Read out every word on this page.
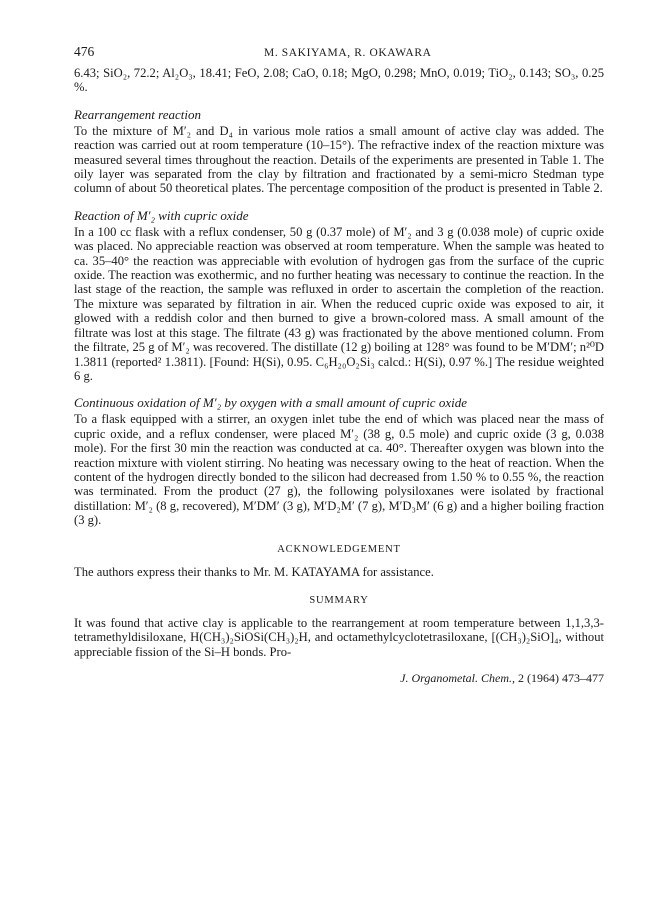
476	M. SAKIYAMA, R. OKAWARA

6.43; SiO₂, 72.2; Al₂O₃, 18.41; FeO, 2.08; CaO, 0.18; MgO, 0.298; MnO, 0.019; TiO₂, 0.143; SO₃, 0.25 %.

Rearrangement reaction

To the mixture of M′₂ and D₄ in various mole ratios a small amount of active clay was added. The reaction was carried out at room temperature (10–15°). The refractive index of the reaction mixture was measured several times throughout the reaction. Details of the experiments are presented in Table 1. The oily layer was separated from the clay by filtration and fractionated by a semi-micro Stedman type column of about 50 theoretical plates. The percentage composition of the product is presented in Table 2.

Reaction of M′₂ with cupric oxide

In a 100 cc flask with a reflux condenser, 50 g (0.37 mole) of M′₂ and 3 g (0.038 mole) of cupric oxide was placed. No appreciable reaction was observed at room temperature. When the sample was heated to ca. 35–40° the reaction was appreciable with evolution of hydrogen gas from the surface of the cupric oxide. The reaction was exothermic, and no further heating was necessary to continue the reaction. In the last stage of the reaction, the sample was refluxed in order to ascertain the completion of the reaction. The mixture was separated by filtration in air. When the reduced cupric oxide was exposed to air, it glowed with a reddish color and then burned to give a brown-colored mass. A small amount of the filtrate was lost at this stage. The filtrate (43 g) was fractionated by the above mentioned column. From the filtrate, 25 g of M′₂ was recovered. The distillate (12 g) boiling at 128° was found to be M′DM′; n²⁰D 1.3811 (reported² 1.3811). [Found: H(Si), 0.95. C₆H₂₀O₂Si₃ calcd.: H(Si), 0.97 %.] The residue weighted 6 g.

Continuous oxidation of M′₂ by oxygen with a small amount of cupric oxide

To a flask equipped with a stirrer, an oxygen inlet tube the end of which was placed near the mass of cupric oxide, and a reflux condenser, were placed M′₂ (38 g, 0.5 mole) and cupric oxide (3 g, 0.038 mole). For the first 30 min the reaction was conducted at ca. 40°. Thereafter oxygen was blown into the reaction mixture with violent stirring. No heating was necessary owing to the heat of reaction. When the content of the hydrogen directly bonded to the silicon had decreased from 1.50 % to 0.55 %, the reaction was terminated. From the product (27 g), the following polysiloxanes were isolated by fractional distillation: M′₂ (8 g, recovered), M′DM′ (3 g), M′D₂M′ (7 g), M′D₃M′ (6 g) and a higher boiling fraction (3 g).

ACKNOWLEDGEMENT

The authors express their thanks to Mr. M. KATAYAMA for assistance.

SUMMARY

It was found that active clay is applicable to the rearrangement at room temperature between 1,1,3,3-tetramethyldisiloxane, H(CH₃)₂SiOSi(CH₃)₂H, and octamethylcyclotetrasiloxane, [(CH₃)₂SiO]₄, without appreciable fission of the Si–H bonds. Pro-

J. Organometal. Chem., 2 (1964) 473–477
